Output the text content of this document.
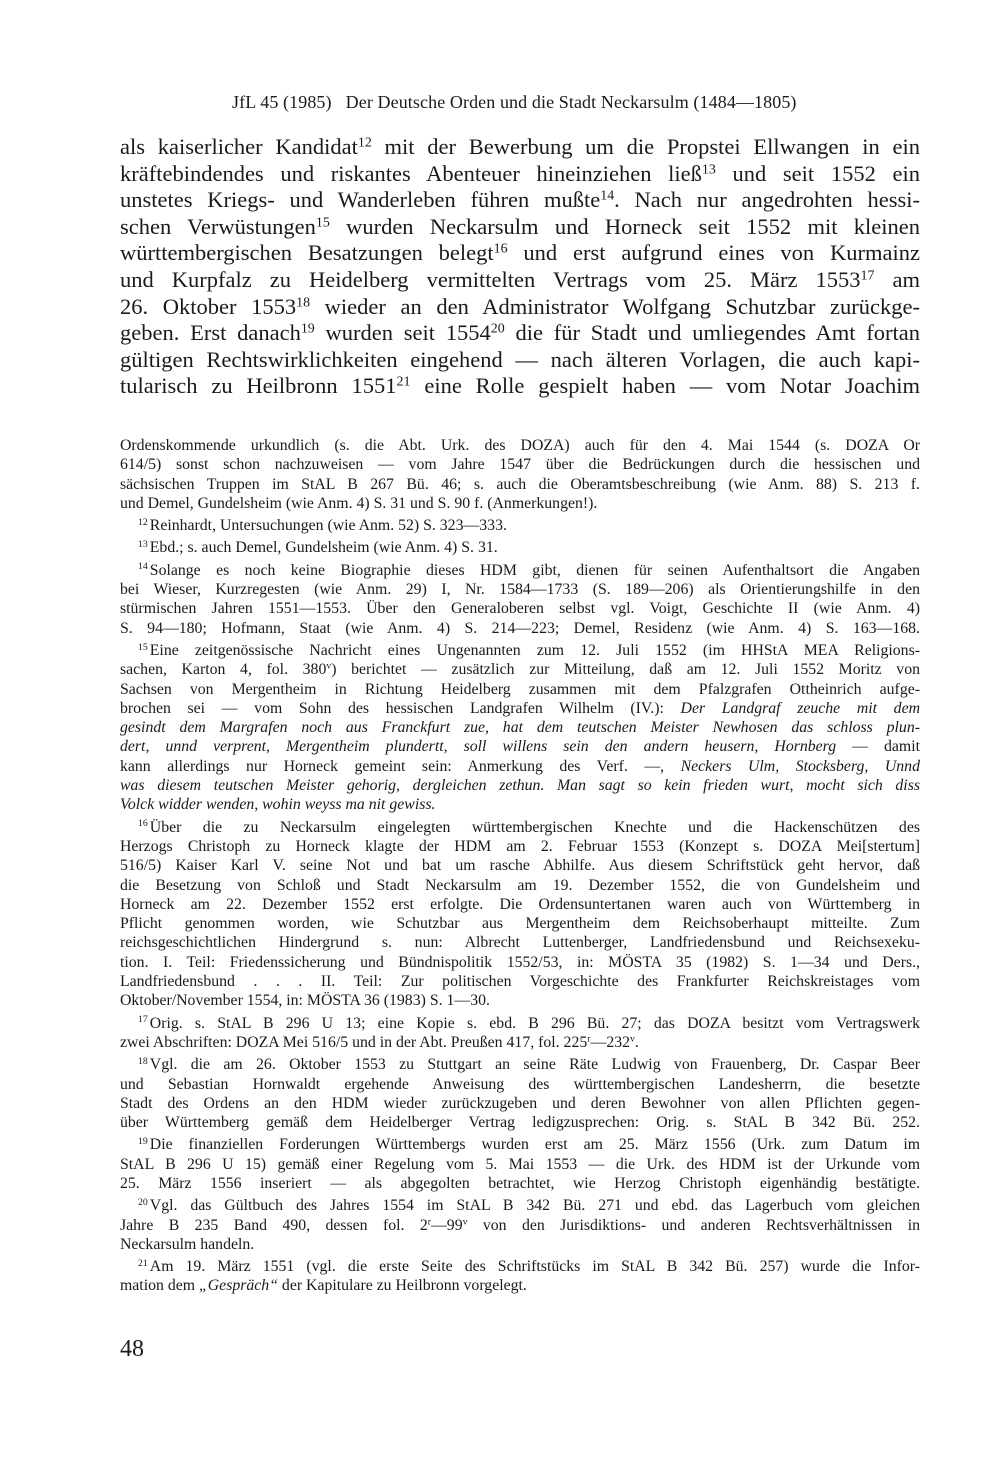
JfL 45 (1985) Der Deutsche Orden und die Stadt Neckarsulm (1484—1805)
als kaiserlicher Kandidat$^{12}$ mit der Bewerbung um die Propstei Ellwangen in ein
kräftebindendes und riskantes Abenteuer hineinziehen ließ$^{13}$ und seit 1552 ein
unstetes Kriegs- und Wanderleben führen mußte$^{14}$. Nach nur angedrohten hessi-
schen Verwüstungen$^{15}$ wurden Neckarsulm und Horneck seit 1552 mit kleinen
württembergischen Besatzungen belegt$^{16}$ und erst aufgrund eines von Kurmainz
und Kurpfalz zu Heidelberg vermittelten Vertrags vom 25. März 1553$^{17}$ am
26. Oktober 1553$^{18}$ wieder an den Administrator Wolfgang Schutzbar zurückge-
geben. Erst danach$^{19}$ wurden seit 1554$^{20}$ die für Stadt und umliegendes Amt fortan
gültigen Rechtswirklichkeiten eingehend — nach älteren Vorlagen, die auch kapi-
tularisch zu Heilbronn 1551$^{21}$ eine Rolle gespielt haben — vom Notar Joachim
Ordenskommende urkundlich (s. die Abt. Urk. des DOZA) auch für den 4. Mai 1544 (s. DOZA Or
614/5) sonst schon nachzuweisen — vom Jahre 1547 über die Bedrückungen durch die hessischen und
sächsischen Truppen im StAL B 267 Bü. 46; s. auch die Oberamtsbeschreibung (wie Anm. 88) S. 213 f.
und Demel, Gundelsheim (wie Anm. 4) S. 31 und S. 90 f. (Anmerkungen!).
$^{12}$ Reinhardt, Untersuchungen (wie Anm. 52) S. 323—333.
$^{13}$ Ebd.; s. auch Demel, Gundelsheim (wie Anm. 4) S. 31.
$^{14}$ Solange es noch keine Biographie dieses HDM gibt, dienen für seinen Aufenthaltsort die Angaben
bei Wieser, Kurzregesten (wie Anm. 29) I, Nr. 1584—1733 (S. 189—206) als Orientierungshilfe in den
stürmischen Jahren 1551—1553. Über den Generaloberen selbst vgl. Voigt, Geschichte II (wie Anm. 4)
S. 94—180; Hofmann, Staat (wie Anm. 4) S. 214—223; Demel, Residenz (wie Anm. 4) S. 163—168.
$^{15}$ Eine zeitgenössische Nachricht eines Ungenannten zum 12. Juli 1552 (im HHStA MEA Religions-
sachen, Karton 4, fol. 380$^v$) berichtet — zusätzlich zur Mitteilung, daß am 12. Juli 1552 Moritz von
Sachsen von Mergentheim in Richtung Heidelberg zusammen mit dem Pfalzgrafen Ottheinrich aufge-
brochen sei — vom Sohn des hessischen Landgrafen Wilhelm (IV.): Der Landgraf zeuche mit dem
gesindt dem Margrafen noch aus Franckfurt zue, hat dem teutschen Meister Newhosen das schloss plun-
dert, unnd verprent, Mergentheim plundertt, soll willens sein den andern heusern, Hornberg — damit
kann allerdings nur Horneck gemeint sein: Anmerkung des Verf. —, Neckers Ulm, Stocksberg, Unnd
was diesem teutschen Meister gehorig, dergleichen zethun. Man sagt so kein frieden wurt, mocht sich diss
Volck widder wenden, wohin weyss ma nit gewiss.
$^{16}$ Über die zu Neckarsulm eingelegten württembergischen Knechte und die Hackenschützen des
Herzogs Christoph zu Horneck klagte der HDM am 2. Februar 1553 (Konzept s. DOZA Mei[stertum]
516/5) Kaiser Karl V. seine Not und bat um rasche Abhilfe. Aus diesem Schriftstück geht hervor, daß
die Besetzung von Schloß und Stadt Neckarsulm am 19. Dezember 1552, die von Gundelsheim und
Horneck am 22. Dezember 1552 erst erfolgte. Die Ordensuntertanen waren auch von Württemberg in
Pflicht genommen worden, wie Schutzbar aus Mergentheim dem Reichsoberhaupt mitteilte. Zum
reichsgeschichtlichen Hindergrund s. nun: Albrecht Luttenberger, Landfriedensbund und Reichsexeku-
tion. I. Teil: Friedenssicherung und Bündnispolitik 1552/53, in: MÖSTA 35 (1982) S. 1—34 und Ders.,
Landfriedensbund . . . II. Teil: Zur politischen Vorgeschichte des Frankfurter Reichskreistages vom
Oktober/November 1554, in: MÖSTA 36 (1983) S. 1—30.
$^{17}$ Orig. s. StAL B 296 U 13; eine Kopie s. ebd. B 296 Bü. 27; das DOZA besitzt vom Vertragswerk
zwei Abschriften: DOZA Mei 516/5 und in der Abt. Preußen 417, fol. 225$^r$—232$^v$.
$^{18}$ Vgl. die am 26. Oktober 1553 zu Stuttgart an seine Räte Ludwig von Frauenberg, Dr. Caspar Beer
und Sebastian Hornwaldt ergehende Anweisung des württembergischen Landesherrn, die besetzte
Stadt des Ordens an den HDM wieder zurückzugeben und deren Bewohner von allen Pflichten gegen-
über Württemberg gemäß dem Heidelberger Vertrag ledigzusprechen: Orig. s. StAL B 342 Bü. 252.
$^{19}$ Die finanziellen Forderungen Württembergs wurden erst am 25. März 1556 (Urk. zum Datum im
StAL B 296 U 15) gemäß einer Regelung vom 5. Mai 1553 — die Urk. des HDM ist der Urkunde vom
25. März 1556 inseriert — als abgegolten betrachtet, wie Herzog Christoph eigenhändig bestätigte.
$^{20}$ Vgl. das Gültbuch des Jahres 1554 im StAL B 342 Bü. 271 und ebd. das Lagerbuch vom gleichen
Jahre B 235 Band 490, dessen fol. 2$^r$—99$^v$ von den Jurisdiktions- und anderen Rechtsverhältnissen in
Neckarsulm handeln.
$^{21}$ Am 19. März 1551 (vgl. die erste Seite des Schriftstücks im StAL B 342 Bü. 257) wurde die Infor-
mation dem „Gespräch“ der Kapitulare zu Heilbronn vorgelegt.
48
